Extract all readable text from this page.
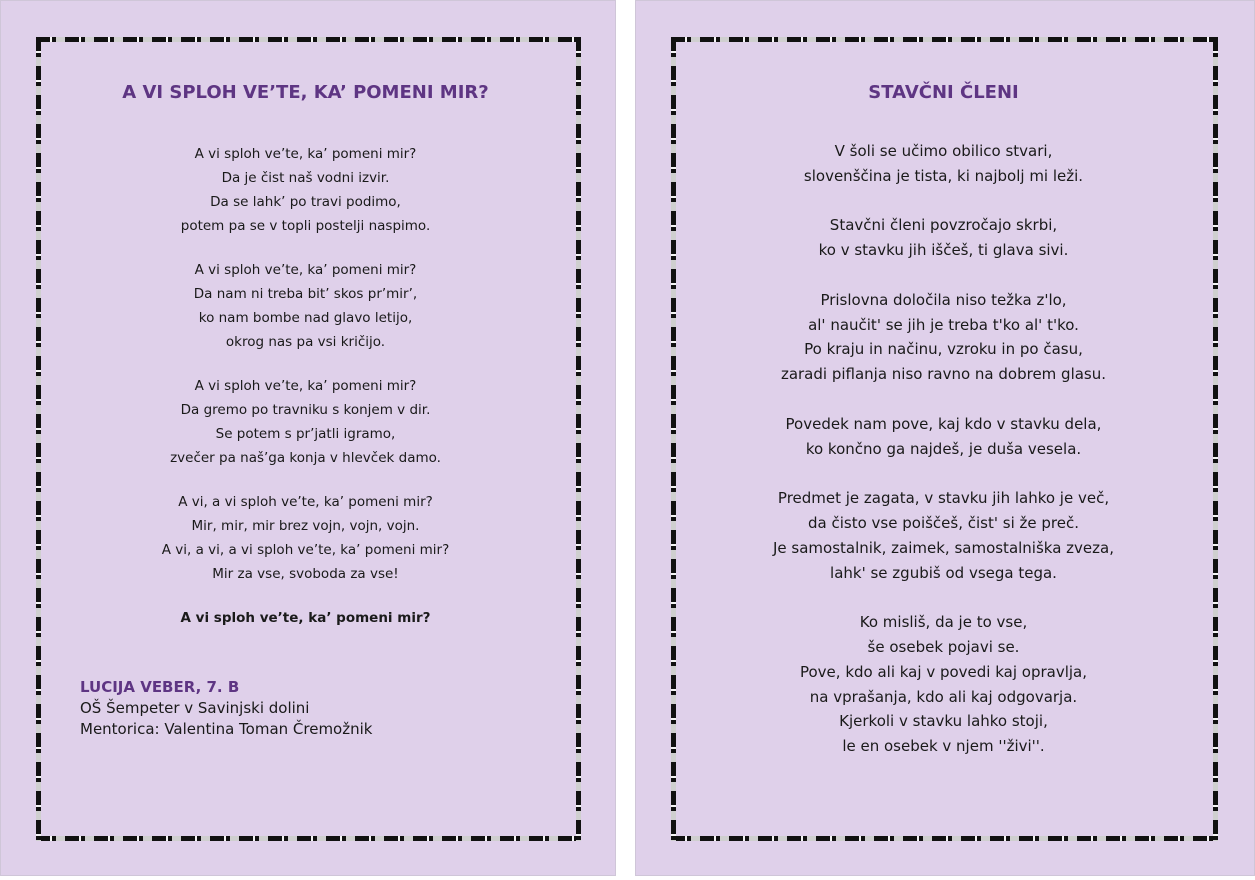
A VI SPLOH VE’TE, KA’ POMENI MIR?
A vi sploh ve’te, ka’ pomeni mir?
Da je čist naš vodni izvir.
Da se lahk’ po travi podimo,
potem pa se v topli postelji naspimo.
A vi sploh ve’te, ka’ pomeni mir?
Da nam ni treba bit’ skos pr’mir’,
ko nam bombe nad glavo letijo,
okrog nas pa vsi kričijo.
A vi sploh ve’te, ka’ pomeni mir?
Da gremo po travniku s konjem v dir.
Se potem s pr’jatli igramo,
zvečer pa naš’ga konja v hlevček damo.
A vi, a vi sploh ve’te, ka’ pomeni mir?
Mir, mir, mir brez vojn, vojn, vojn.
A vi, a vi, a vi sploh ve’te, ka’ pomeni mir?
Mir za vse, svoboda za vse!
A vi sploh ve’te, ka’ pomeni mir?
LUCIJA VEBER, 7. B
OŠ Šempeter v Savinjski dolini
Mentorica: Valentina Toman Čremožnik
STAVČNI ČLENI
V šoli se učimo obilico stvari,
slovenščina je tista, ki najbolj mi leži.
Stavčni členi povzročajo skrbi,
ko v stavku jih iščeš, ti glava sivi.
Prislovna določila niso težka z'lo,
al' naučit' se jih je treba t'ko al' t'ko.
Po kraju in načinu, vzroku in po času,
zaradi piflanja niso ravno na dobrem glasu.
Povedek nam pove, kaj kdo v stavku dela,
ko končno ga najdeš, je duša vesela.
Predmet je zagata, v stavku jih lahko je več,
da čisto vse poiščeš, čist' si že preč.
Je samostalnik, zaimek, samostalniška zveza,
lahk' se zgubiš od vsega tega.
Ko misliš, da je to vse,
še osebek pojavi se.
Pove, kdo ali kaj v povedi kaj opravlja,
na vprašanja, kdo ali kaj odgovarja.
Kjerkoli v stavku lahko stoji,
le en osebek v njem ''živi''.
